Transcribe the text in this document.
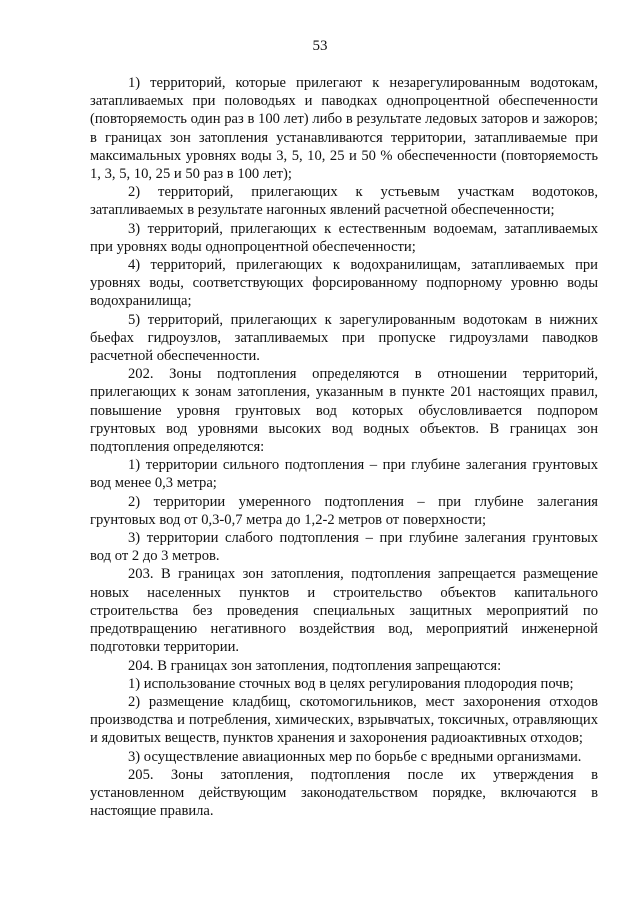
53

1) территорий, которые прилегают к незарегулированным водотокам, затапливаемых при половодьях и паводках однопроцентной обеспеченности (повторяемость один раз в 100 лет) либо в результате ледовых заторов и зажоров; в границах зон затопления устанавливаются территории, затапливаемые при максимальных уровнях воды 3, 5, 10, 25 и 50 % обеспеченности (повторяемость 1, 3, 5, 10, 25 и 50 раз в 100 лет);

2) территорий, прилегающих к устьевым участкам водотоков, затапливаемых в результате нагонных явлений расчетной обеспеченности;

3) территорий, прилегающих к естественным водоемам, затапливаемых при уровнях воды однопроцентной обеспеченности;

4) территорий, прилегающих к водохранилищам, затапливаемых при уровнях воды, соответствующих форсированному подпорному уровню воды водохранилища;

5) территорий, прилегающих к зарегулированным водотокам в нижних бьефах гидроузлов, затапливаемых при пропуске гидроузлами паводков расчетной обеспеченности.

202. Зоны подтопления определяются в отношении территорий, прилегающих к зонам затопления, указанным в пункте 201 настоящих правил, повышение уровня грунтовых вод которых обусловливается подпором грунтовых вод уровнями высоких вод водных объектов. В границах зон подтопления определяются:

1) территории сильного подтопления – при глубине залегания грунтовых вод менее 0,3 метра;

2) территории умеренного подтопления – при глубине залегания грунтовых вод от 0,3-0,7 метра до 1,2-2 метров от поверхности;

3) территории слабого подтопления – при глубине залегания грунтовых вод от 2 до 3 метров.

203. В границах зон затопления, подтопления запрещается размещение новых населенных пунктов и строительство объектов капитального строительства без проведения специальных защитных мероприятий по предотвращению негативного воздействия вод, мероприятий инженерной подготовки территории.

204. В границах зон затопления, подтопления запрещаются:

1) использование сточных вод в целях регулирования плодородия почв;

2) размещение кладбищ, скотомогильников, мест захоронения отходов производства и потребления, химических, взрывчатых, токсичных, отравляющих и ядовитых веществ, пунктов хранения и захоронения радиоактивных отходов;

3) осуществление авиационных мер по борьбе с вредными организмами.

205. Зоны затопления, подтопления после их утверждения в установленном действующим законодательством порядке, включаются в настоящие правила.
